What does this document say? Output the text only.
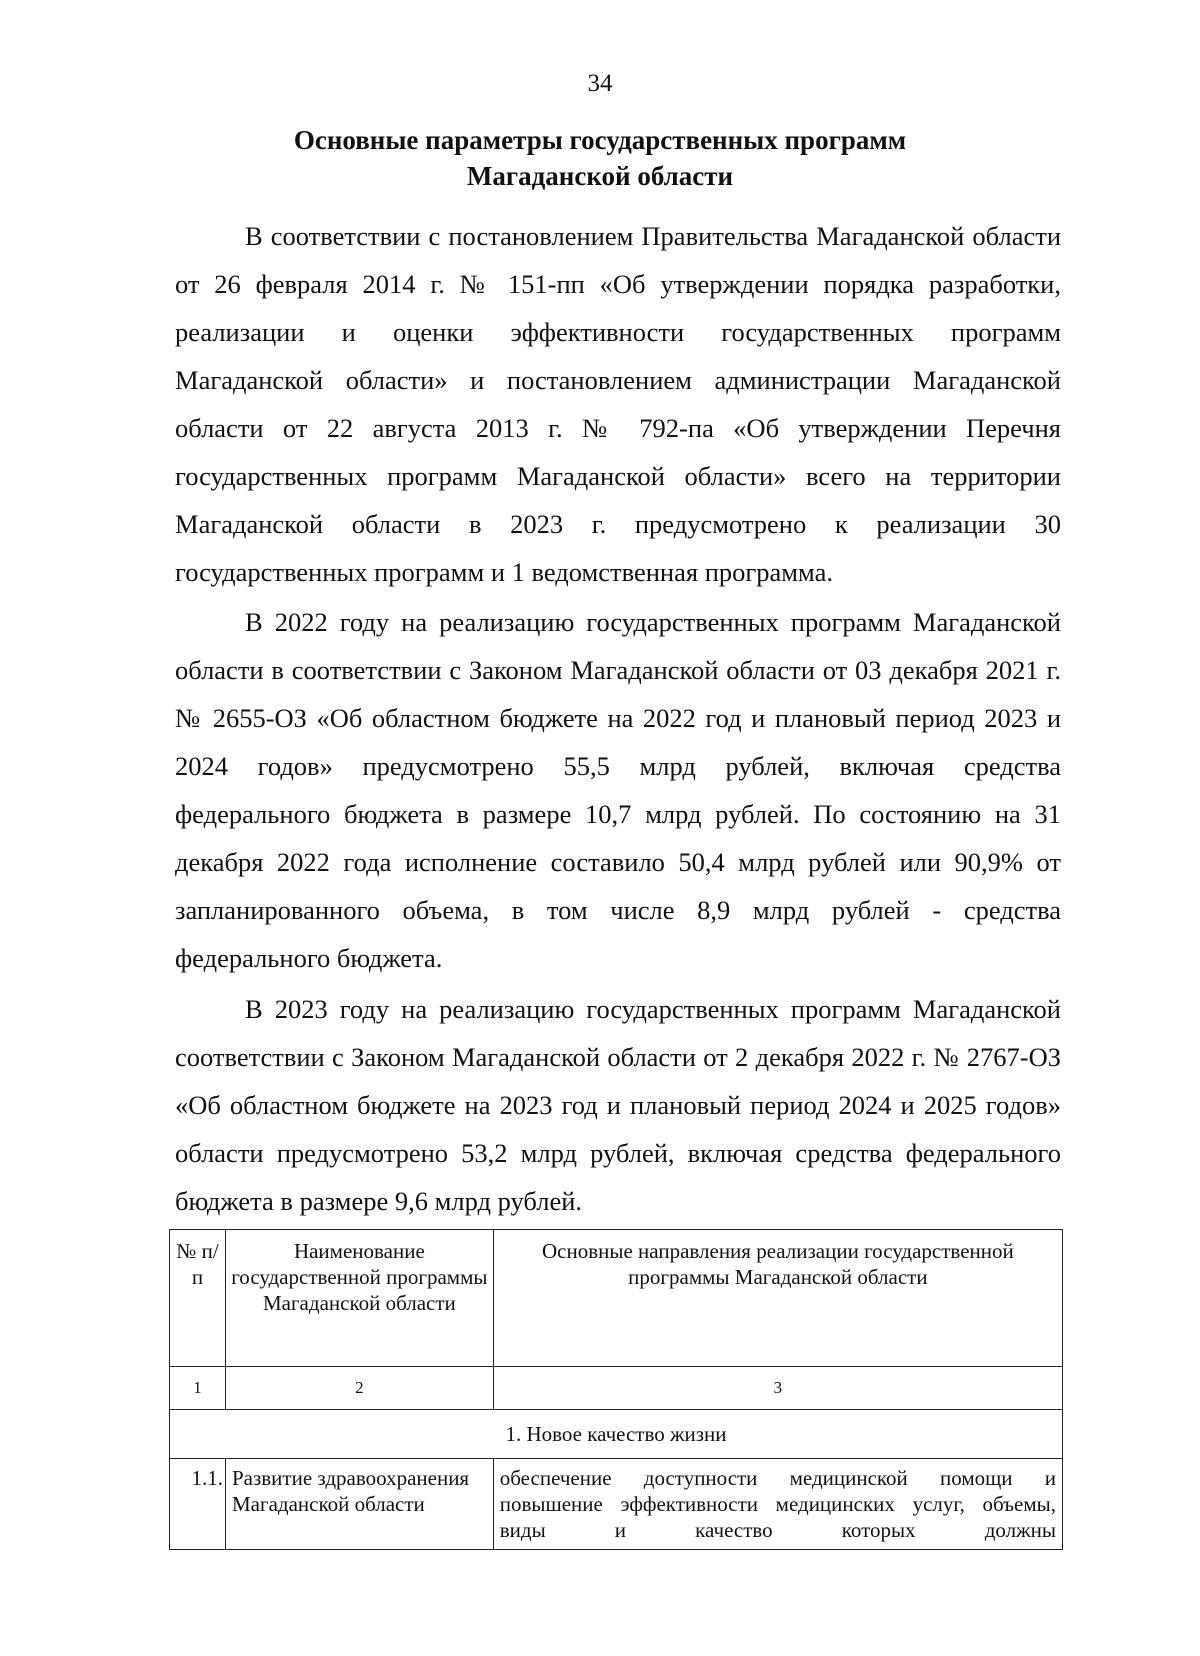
34
Основные параметры государственных программ
Магаданской области

В соответствии с постановлением Правительства Магаданской области от 26 февраля 2014 г. № 151-пп «Об утверждении порядка разработки, реализации и оценки эффективности государственных программ Магаданской области» и постановлением администрации Магаданской области от 22 августа 2013 г. № 792-па «Об утверждении Перечня государственных программ Магаданской области» всего на территории Магаданской области в 2023 г. предусмотрено к реализации 30 государственных программ и 1 ведомственная программа.

В 2022 году на реализацию государственных программ Магаданской области в соответствии с Законом Магаданской области от 03 декабря 2021 г. № 2655-ОЗ «Об областном бюджете на 2022 год и плановый период 2023 и 2024 годов» предусмотрено 55,5 млрд рублей, включая средства федерального бюджета в размере 10,7 млрд рублей. По состоянию на 31 декабря 2022 года исполнение составило 50,4 млрд рублей или 90,9% от запланированного объема, в том числе 8,9 млрд рублей - средства федерального бюджета.

В 2023 году на реализацию государственных программ Магаданской соответствии с Законом Магаданской области от 2 декабря 2022 г. № 2767-ОЗ «Об областном бюджете на 2023 год и плановый период 2024 и 2025 годов» области предусмотрено 53,2 млрд рублей, включая средства федерального бюджета в размере 9,6 млрд рублей.

№ п/п	Наименование государственной программы Магаданской области	Основные направления реализации государственной программы Магаданской области
1	2	3
1. Новое качество жизни		
1.1.	Развитие здравоохранения Магаданской области	обеспечение доступности медицинской помощи и повышение эффективности медицинских услуг, объемы, виды и качество которых должны
